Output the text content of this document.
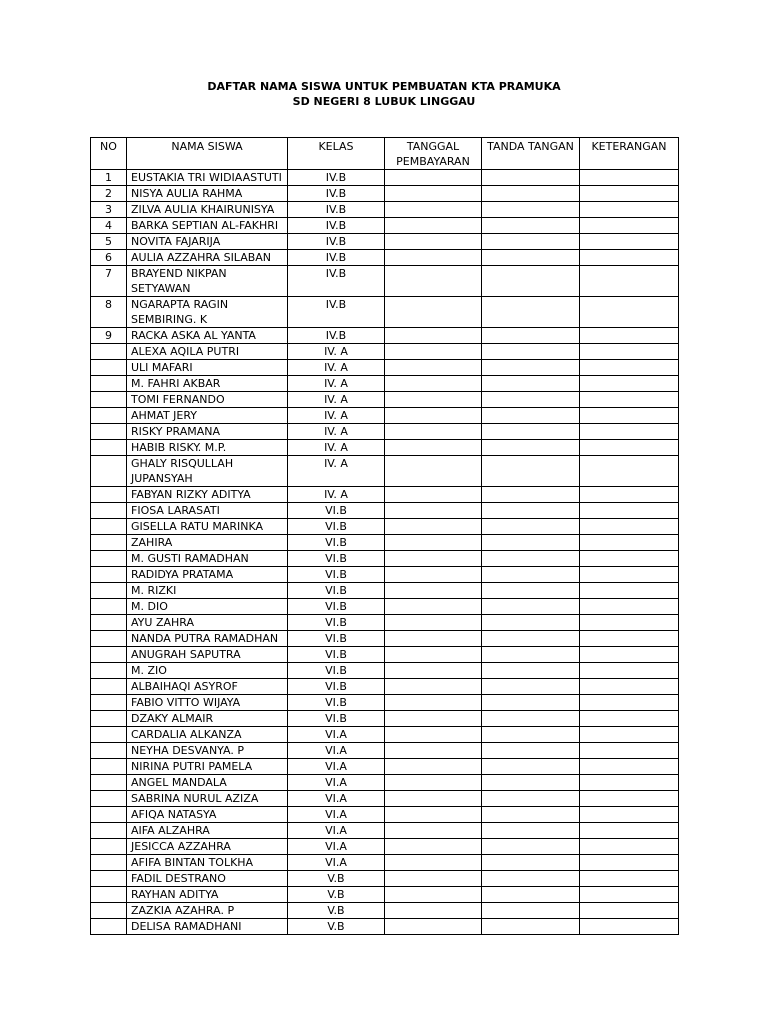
DAFTAR NAMA SISWA UNTUK PEMBUATAN KTA PRAMUKA
SD NEGERI 8 LUBUK LINGGAU
NO	NAMA SISWA	KELAS	TANGGAL PEMBAYARAN	TANDA TANGAN	KETERANGAN
1	EUSTAKIA TRI WIDIAASTUTI	IV.B			
2	NISYA AULIA RAHMA	IV.B			
3	ZILVA AULIA KHAIRUNISYA	IV.B			
4	BARKA SEPTIAN AL-FAKHRI	IV.B			
5	NOVITA FAJARIJA	IV.B			
6	AULIA AZZAHRA SILABAN	IV.B			
7	BRAYEND NIKPAN SETYAWAN	IV.B			
8	NGARAPTA RAGIN SEMBIRING. K	IV.B			
9	RACKA ASKA AL YANTA	IV.B			
	ALEXA AQILA PUTRI	IV. A			
	ULI MAFARI	IV. A			
	M. FAHRI AKBAR	IV. A			
	TOMI FERNANDO	IV. A			
	AHMAT JERY	IV. A			
	RISKY PRAMANA	IV. A			
	HABIB RISKY. M.P.	IV. A			
	GHALY RISQULLAH JUPANSYAH	IV. A			
	FABYAN RIZKY ADITYA	IV. A			
	FIOSA LARASATI	VI.B			
	GISELLA RATU MARINKA	VI.B			
	ZAHIRA	VI.B			
	M. GUSTI RAMADHAN	VI.B			
	RADIDYA PRATAMA	VI.B			
	M. RIZKI	VI.B			
	M. DIO	VI.B			
	AYU ZAHRA	VI.B			
	NANDA PUTRA RAMADHAN	VI.B			
	ANUGRAH SAPUTRA	VI.B			
	M. ZIO	VI.B			
	ALBAIHAQI ASYROF	VI.B			
	FABIO VITTO WIJAYA	VI.B			
	DZAKY ALMAIR	VI.B			
	CARDALIA ALKANZA	VI.A			
	NEYHA DESVANYA. P	VI.A			
	NIRINA PUTRI PAMELA	VI.A			
	ANGEL MANDALA	VI.A			
	SABRINA NURUL AZIZA	VI.A			
	AFIQA NATASYA	VI.A			
	AIFA ALZAHRA	VI.A			
	JESICCA AZZAHRA	VI.A			
	AFIFA BINTAN TOLKHA	VI.A			
	FADIL DESTRANO	V.B			
	RAYHAN ADITYA	V.B			
	ZAZKIA AZAHRA. P	V.B			
	DELISA RAMADHANI	V.B			
